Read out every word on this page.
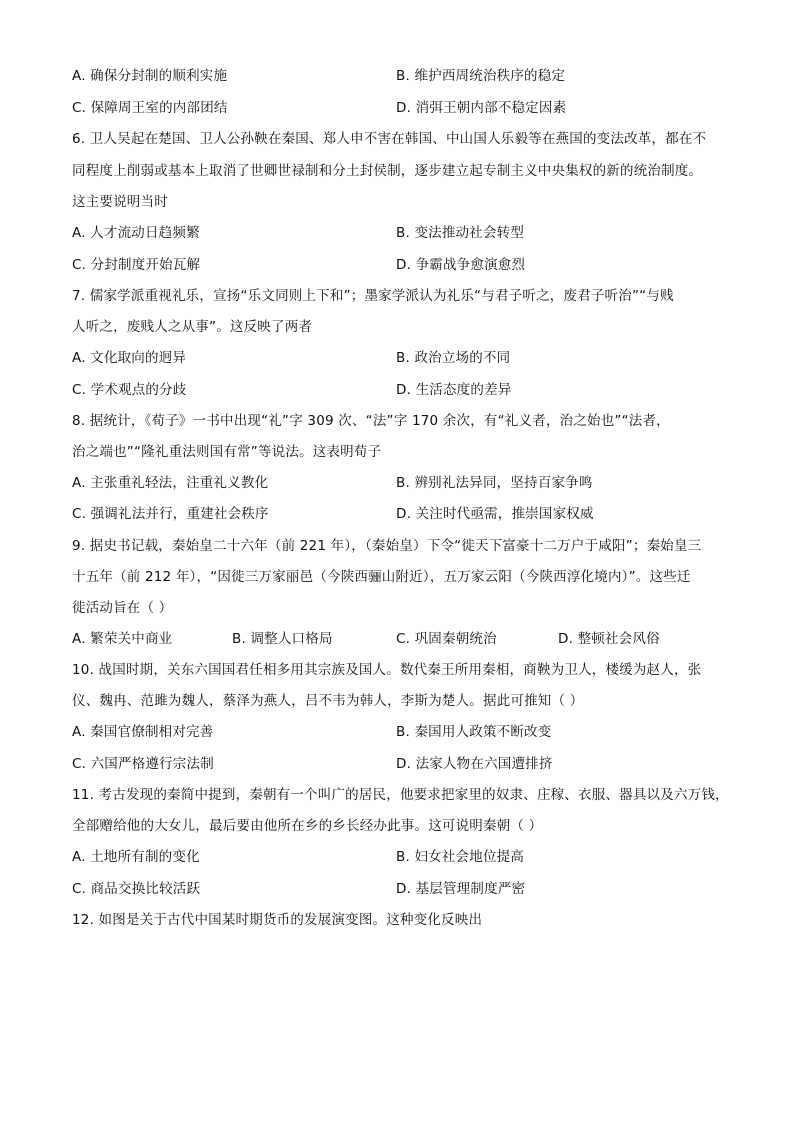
A. 确保分封制的顺利实施	B. 维护西周统治秩序的稳定
C. 保障周王室的内部团结	D. 消弭王朝内部不稳定因素
6. 卫人吴起在楚国、卫人公孙鞅在秦国、郑人申不害在韩国、中山国人乐毅等在燕国的变法改革，都在不
同程度上削弱或基本上取消了世卿世禄制和分土封侯制，逐步建立起专制主义中央集权的新的统治制度。
这主要说明当时
A. 人才流动日趋频繁	B. 变法推动社会转型
C. 分封制度开始瓦解	D. 争霸战争愈演愈烈
7. 儒家学派重视礼乐，宣扬“乐文同则上下和”；墨家学派认为礼乐“与君子听之，废君子听治”“与贱
人听之，废贱人之从事”。这反映了两者
A. 文化取向的迥异	B. 政治立场的不同
C. 学术观点的分歧	D. 生活态度的差异
8. 据统计，《荀子》一书中出现“礼”字 309 次、“法”字 170 余次，有“礼义者，治之始也”“法者，
治之端也”“隆礼重法则国有常”等说法。这表明荀子
A. 主张重礼轻法，注重礼义教化	B. 辨别礼法异同，坚持百家争鸣
C. 强调礼法并行，重建社会秩序	D. 关注时代亟需，推崇国家权威
9. 据史书记载，秦始皇二十六年（前 221 年），（秦始皇）下令“徙天下富豪十二万户于咸阳”；秦始皇三
十五年（前 212 年），“因徙三万家丽邑（今陕西骊山附近），五万家云阳（今陕西淳化境内）”。这些迁
徙活动旨在（ ）
A. 繁荣关中商业	B. 调整人口格局	C. 巩固秦朝统治	D. 整顿社会风俗
10. 战国时期，关东六国国君任相多用其宗族及国人。数代秦王所用秦相，商鞅为卫人，楼缓为赵人，张
仪、魏冉、范雎为魏人，蔡泽为燕人，吕不韦为韩人，李斯为楚人。据此可推知（ ）
A. 秦国官僚制相对完善	B. 秦国用人政策不断改变
C. 六国严格遵行宗法制	D. 法家人物在六国遭排挤
11. 考古发现的秦简中提到，秦朝有一个叫广的居民，他要求把家里的奴隶、庄稼、衣服、器具以及六万钱，
全部赠给他的大女儿，最后要由他所在乡的乡长经办此事。这可说明秦朝（ ）
A. 土地所有制的变化	B. 妇女社会地位提高
C. 商品交换比较活跃	D. 基层管理制度严密
12. 如图是关于古代中国某时期货币的发展演变图。这种变化反映出
